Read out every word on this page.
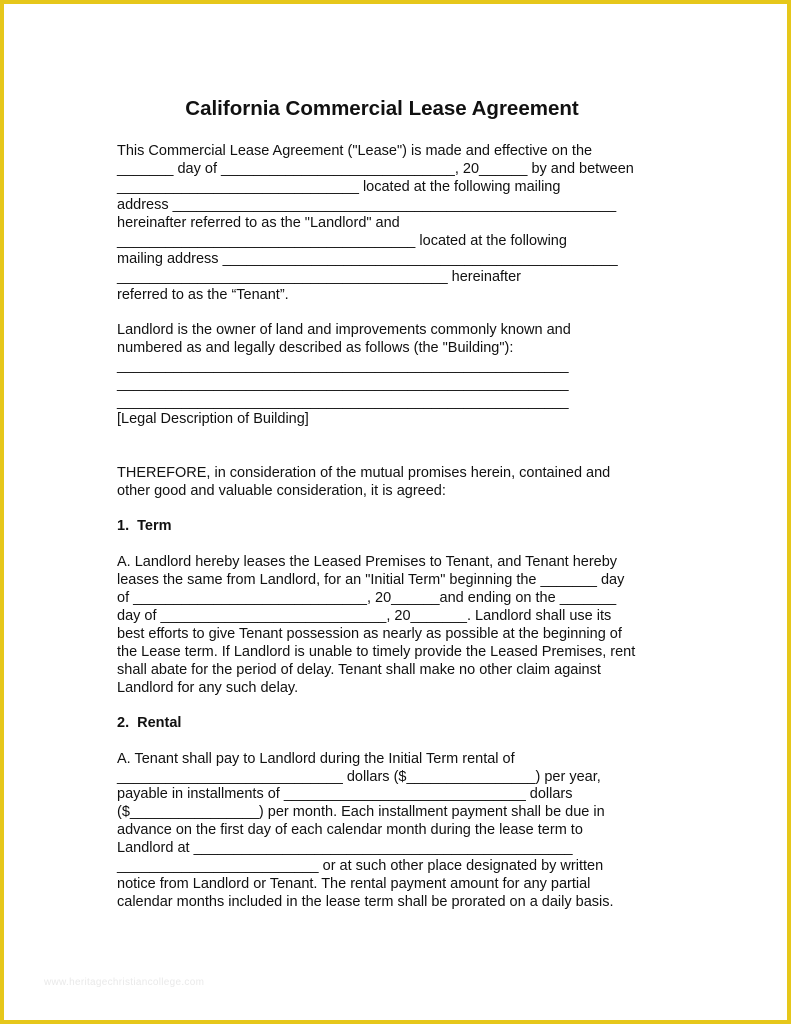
California Commercial Lease Agreement
This Commercial Lease Agreement ("Lease") is made and effective on the
_______ day of _____________________________, 20______ by and between
______________________________ located at the following mailing
address _______________________________________________________
hereinafter referred to as the "Landlord" and
_____________________________________ located at the following
mailing address _________________________________________________
_________________________________________ hereinafter
referred to as the “Tenant”.
Landlord is the owner of land and improvements commonly known and
numbered as and legally described as follows (the "Building"):
________________________________________________________
________________________________________________________
________________________________________________________
[Legal Description of Building]
THEREFORE, in consideration of the mutual promises herein, contained and
other good and valuable consideration, it is agreed:
1.  Term
A. Landlord hereby leases the Leased Premises to Tenant, and Tenant hereby
leases the same from Landlord, for an "Initial Term" beginning the _______ day
of _____________________________, 20______and ending on the _______
day of ____________________________, 20_______. Landlord shall use its
best efforts to give Tenant possession as nearly as possible at the beginning of
the Lease term. If Landlord is unable to timely provide the Leased Premises, rent
shall abate for the period of delay. Tenant shall make no other claim against
Landlord for any such delay.
2.  Rental
A. Tenant shall pay to Landlord during the Initial Term rental of
____________________________ dollars ($________________) per year,
payable in installments of ______________________________ dollars
($________________) per month. Each installment payment shall be due in
advance on the first day of each calendar month during the lease term to
Landlord at _______________________________________________
_________________________ or at such other place designated by written
notice from Landlord or Tenant. The rental payment amount for any partial
calendar months included in the lease term shall be prorated on a daily basis.
www.heritagechristiancollege.com
